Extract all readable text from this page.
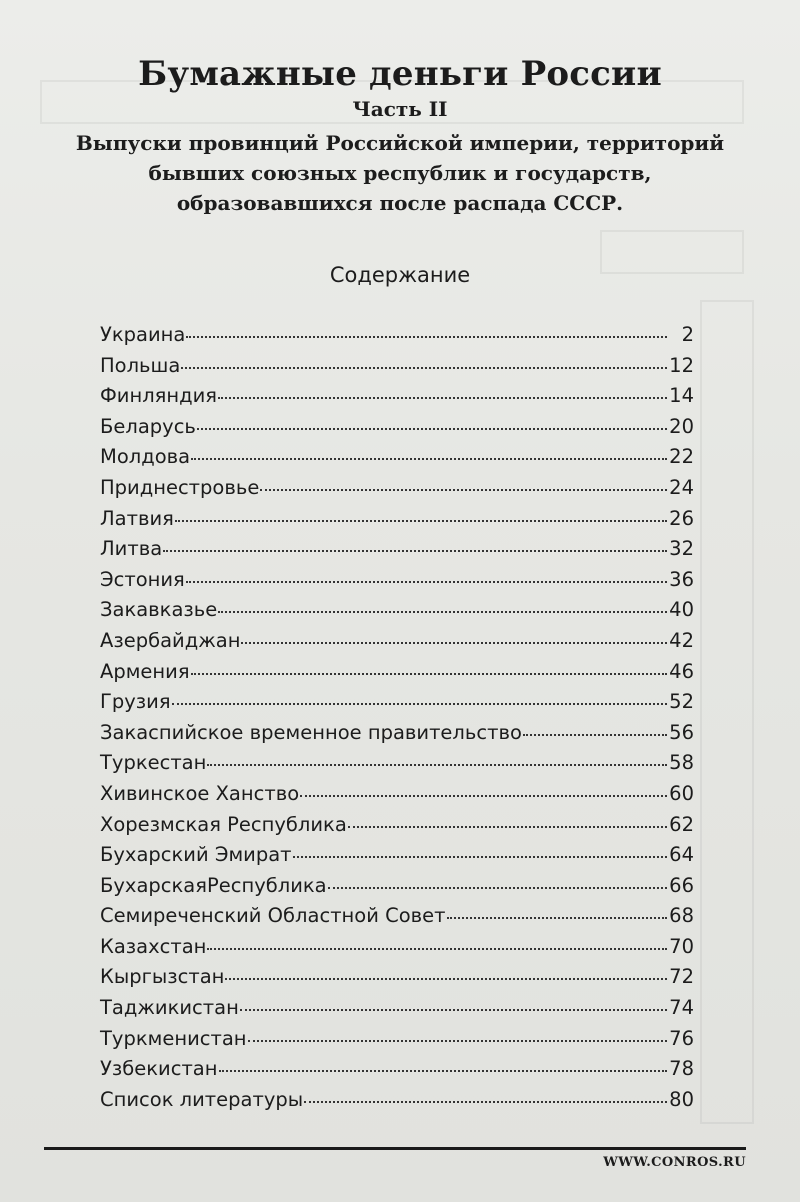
Бумажные деньги России
Часть II
Выпуски провинций Российской империи, территорий бывших союзных республик и государств, образовавшихся после распада СССР.
Содержание
Украина	2
Польша	12
Финляндия	14
Беларусь	20
Молдова	22
Приднестровье	24
Латвия	26
Литва	32
Эстония	36
Закавказье	40
Азербайджан	42
Армения	46
Грузия	52
Закаспийское временное правительство	56
Туркестан	58
Хивинское Ханство	60
Хорезмская Республика	62
Бухарский Эмират	64
БухарскаяРеспублика	66
Семиреченский Областной Совет	68
Казахстан	70
Кыргызстан	72
Таджикистан	74
Туркменистан	76
Узбекистан	78
Список литературы	80
WWW.CONROS.RU
